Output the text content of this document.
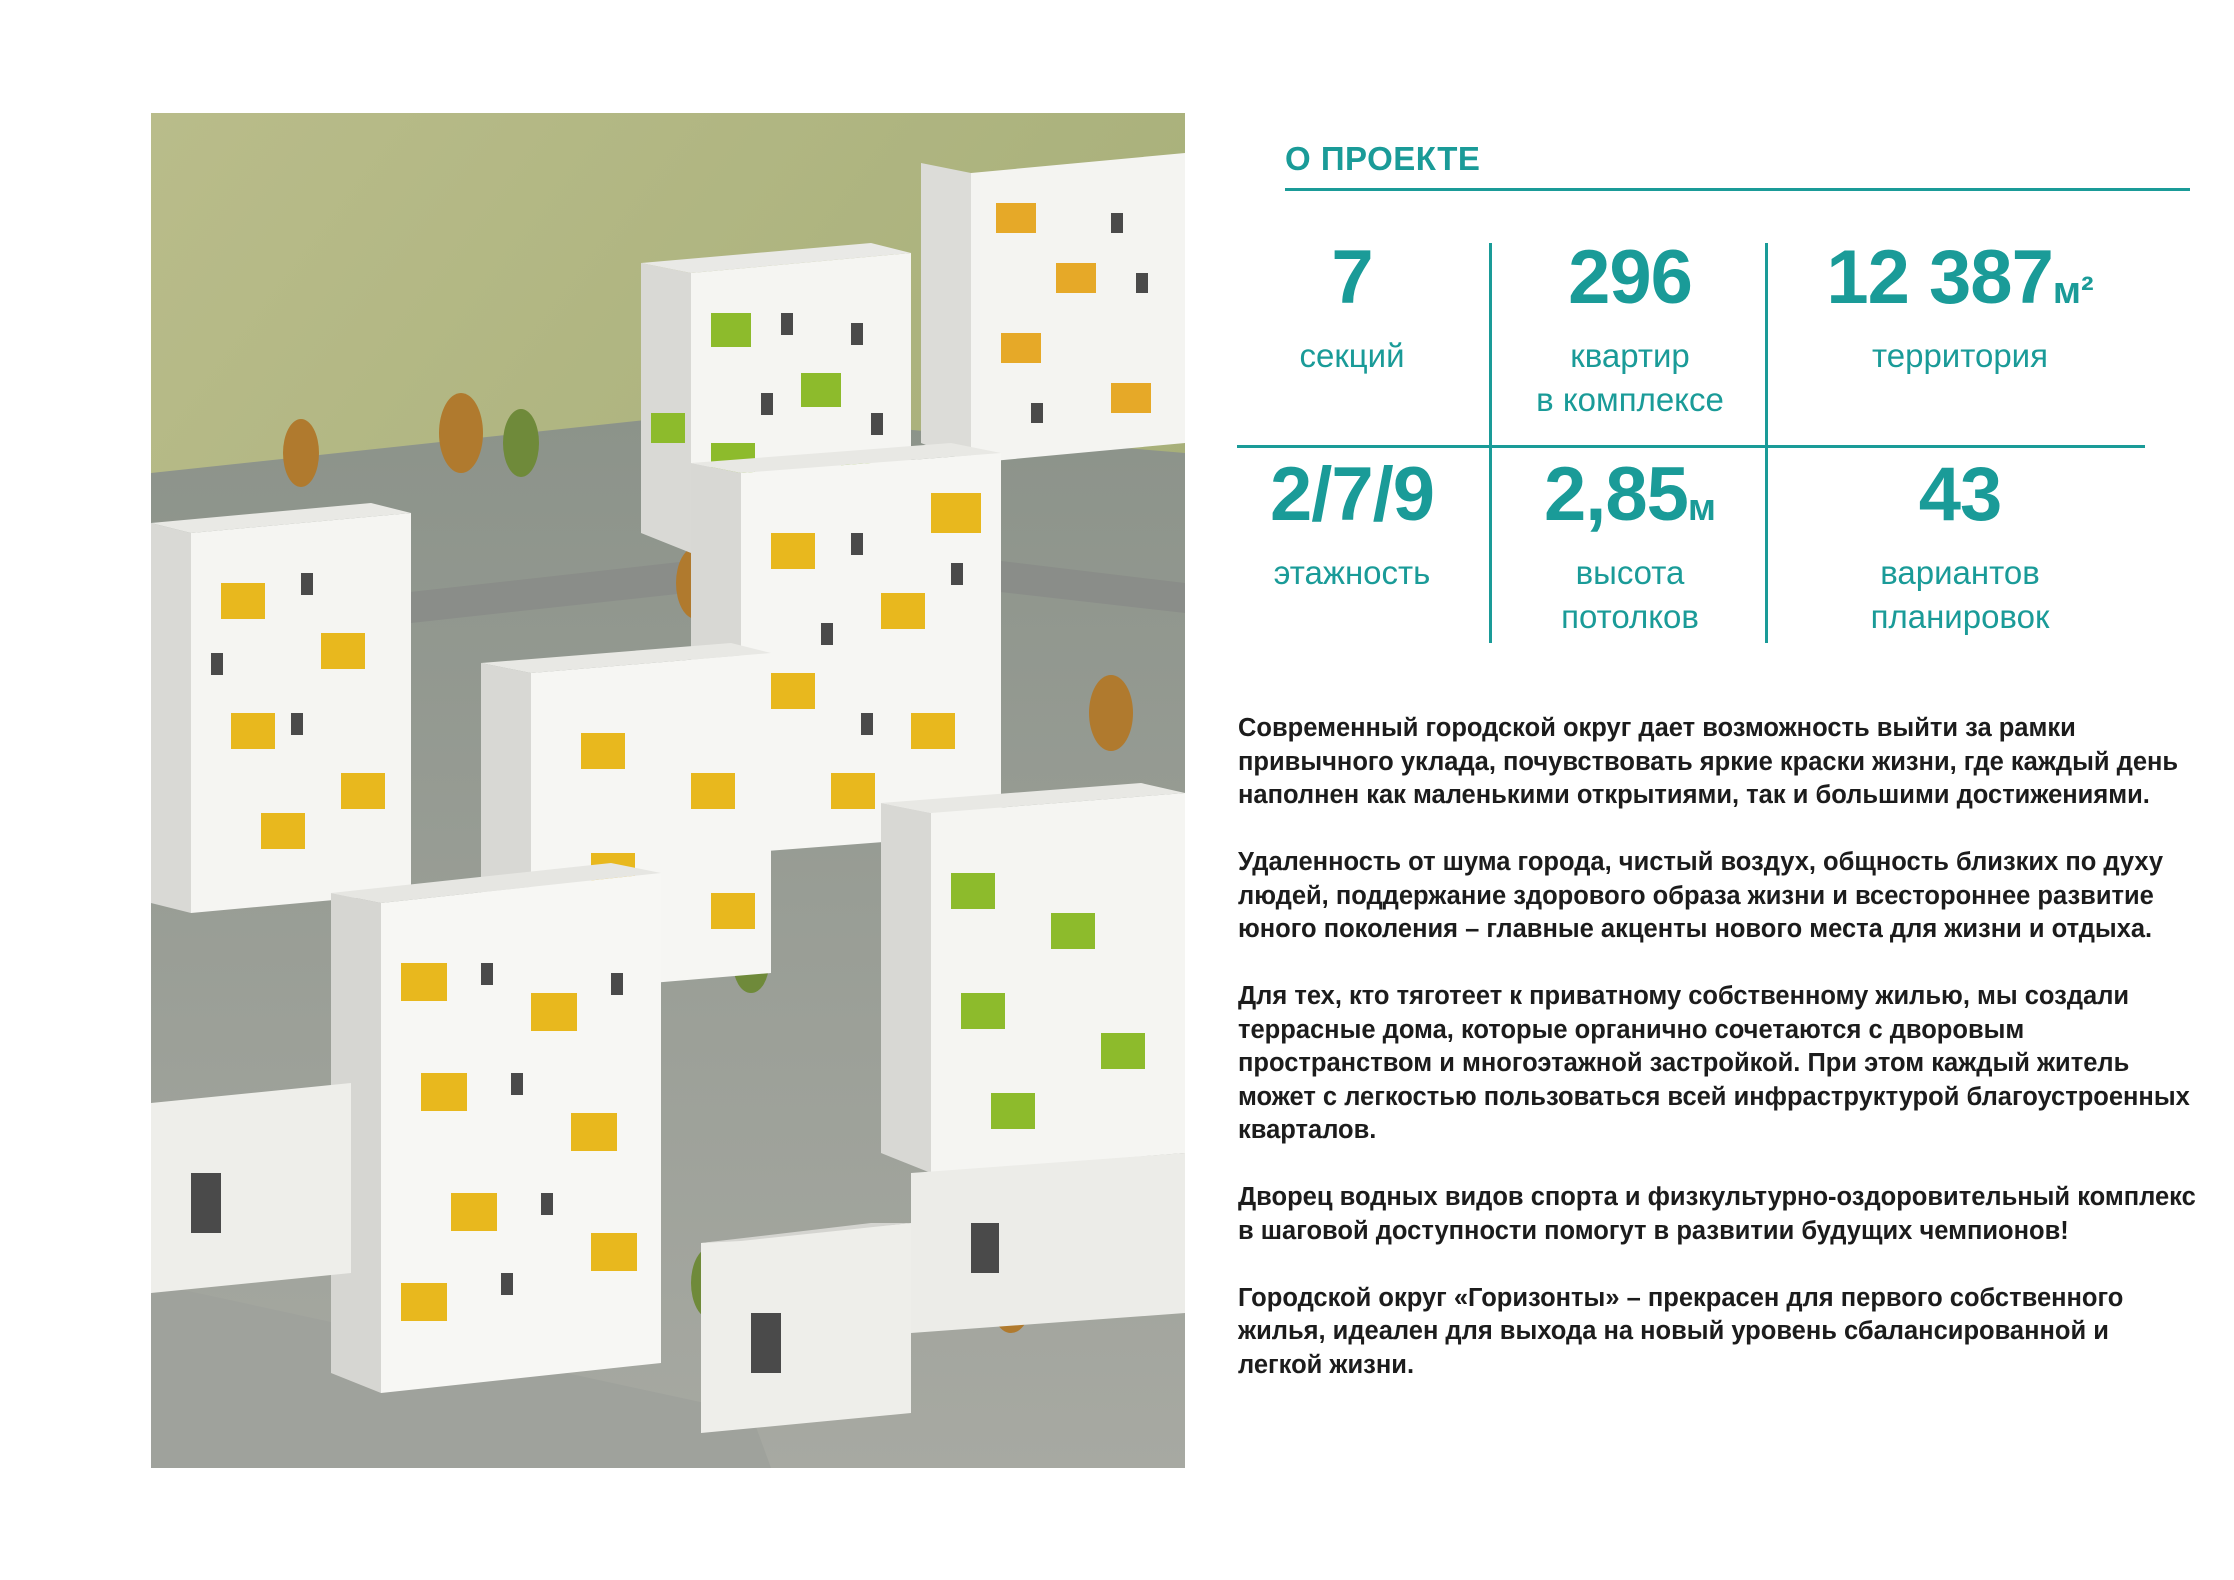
О ПРОЕКТЕ
7
секций

296
квартир
в комплексе
12 387м²
территория

2/7/9
этажность

2,85м
высота
потолков
43
вариантов
планировок

Современный городской округ дает возможность выйти за рамки привычного уклада, почувствовать яркие краски жизни, где каждый день наполнен как маленькими открытиями, так и большими достижениями.

Удаленность от шума города, чистый воздух, общность близких по духу людей, поддержание здорового образа жизни и всестороннее развитие юного поколения – главные акценты нового места для жизни и отдыха.

Для тех, кто тяготеет к приватному собственному жилью, мы создали террасные дома, которые органично сочетаются с дворовым пространством и многоэтажной застройкой. При этом каждый житель может с легкостью пользоваться всей инфраструктурой благоустроенных кварталов.

Дворец водных видов спорта и физкультурно-оздоровительный комплекс в шаговой доступности помогут в развитии будущих чемпионов!

Городской округ «Горизонты» – прекрасен для первого собственного жилья, идеален для выхода на новый уровень сбалансированной и легкой жизни.
